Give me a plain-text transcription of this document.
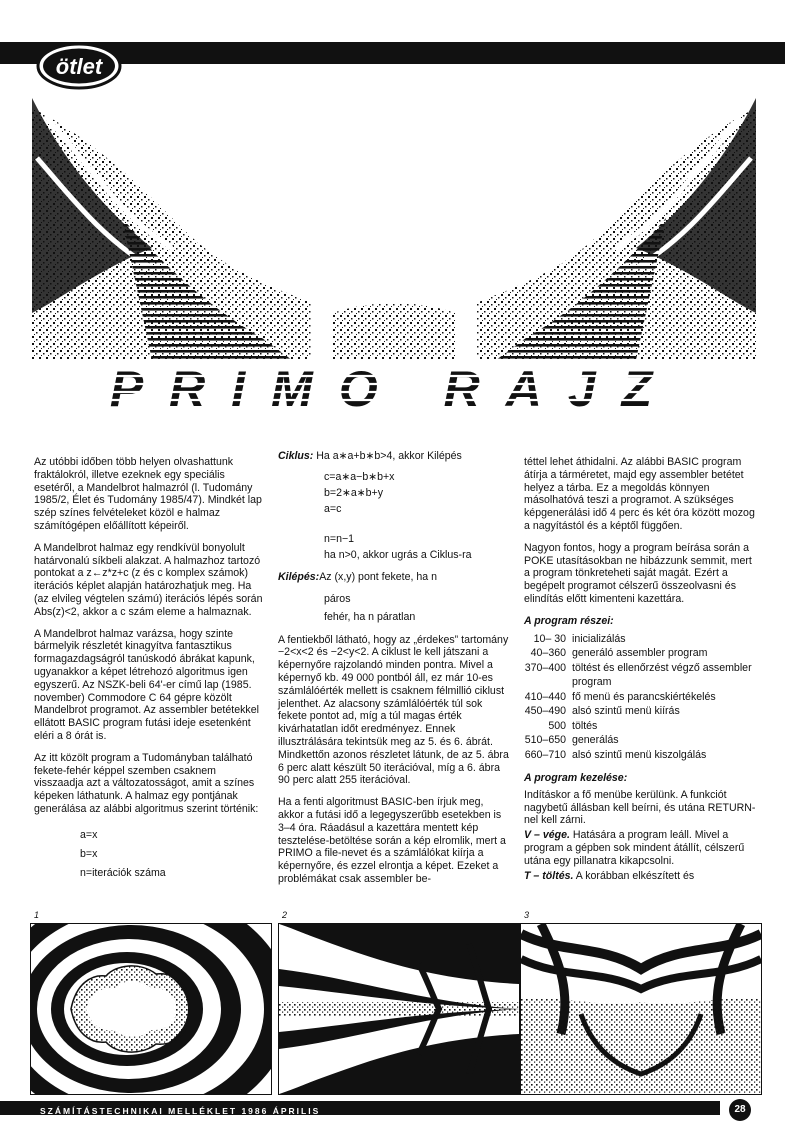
ötlet
PRIMO RAJZ

Az utóbbi időben több helyen olvashattunk fraktálokról, illetve ezeknek egy speciális esetéről, a Mandelbrot halmazról (l. Tudomány 1985/2, Élet és Tudomány 1985/47). Mindkét lap szép színes felvételeket közöl e halmaz számítógépen előállított képeiről.

A Mandelbrot halmaz egy rendkívül bonyolult határvonalú síkbeli alakzat. A halmazhoz tartozó pontokat a z←z*z+c (z és c komplex számok) iterációs képlet alapján határozhatjuk meg. Ha (az elvileg végtelen számú) iterációs lépés során Abs(z)<2, akkor a c szám eleme a halmaznak.

A Mandelbrot halmaz varázsa, hogy szinte bármelyik részletét kinagyítva fantasztikus formagazdagságról tanúskodó ábrákat kapunk, ugyanakkor a képet létrehozó algoritmus igen egyszerű. Az NSZK-beli 64'-er című lap (1985. november) Commodore C 64 gépre közölt Mandelbrot programot. Az assembler betétekkel ellátott BASIC program futási ideje esetenként eléri a 8 órát is.

Az itt közölt program a Tudományban található fekete-fehér képpel szemben csaknem visszaadja azt a változatosságot, amit a színes képeken láthatunk. A halmaz egy pontjának generálása az alábbi algoritmus szerint történik:

a=x
b=x
n=iterációk száma
Ciklus: Ha a∗a+b∗b>4, akkor Kilépés
c=a∗a−b∗b+x
b=2∗a∗b+y
a=c
n=n−1
ha n>0, akkor ugrás a Ciklus-ra
Kilépés:Az (x,y) pont fekete, ha n
páros
fehér, ha n páratlan

A fentiekből látható, hogy az „érdekes” tartomány −2<x<2 és −2<y<2. A ciklust le kell játszani a képernyőre rajzolandó minden pontra. Mivel a képernyő kb. 49 000 pontból áll, ez már 10-es számlálóérték mellett is csaknem félmillió ciklust jelenthet. Az alacsony számlálóérték túl sok fekete pontot ad, míg a túl magas érték kivárhatatlan időt eredményez. Ennek illusztrálására tekintsük meg az 5. és 6. ábrát. Mindkettőn azonos részletet látunk, de az 5. ábra 6 perc alatt készült 50 iterációval, míg a 6. ábra 90 perc alatt 255 iterációval.

Ha a fenti algoritmust BASIC-ben írjuk meg, akkor a futási idő a legegyszerűbb esetekben is 3–4 óra. Ráadásul a kazettára mentett kép tesztelése-betöltése során a kép elromlik, mert a PRIMO a file-nevet és a számlálókat kiírja a képernyőre, és ezzel elrontja a képet. Ezeket a problémákat csak assembler be-

téttel lehet áthidalni. Az alábbi BASIC program átírja a tárméretet, majd egy assembler betétet helyez a tárba. Ez a megoldás könnyen másolhatóvá teszi a programot. A szükséges képgenerálási idő 4 perc és két óra között mozog a nagyítástól és a képtől függően.

Nagyon fontos, hogy a program beírása során a POKE utasításokban ne hibázzunk semmit, mert a program tönkreteheti saját magát. Ezért a begépelt programot célszerű összeolvasni és elindítás előtt kimenteni kazettára.

A program részei:
10– 30 inicializálás
40–360 generáló assembler program
370–400 töltést és ellenőrzést végző assembler program
410–440 fő menü és parancskiértékelés
450–490 alsó szintű menü kiírás
500 töltés
510–650 generálás
660–710 alsó szintű menü kiszolgálás
A program kezelése:
Indításkor a fő menübe kerülünk. A funkciót nagybetű állásban kell beírni, és utána RETURN-nel kell zárni.
V – vége. Hatására a program leáll. Mivel a program a gépben sok mindent átállít, célszerű utána egy pillanatra kikapcsolni.
T – töltés. A korábban elkészített és
1	2	3
SZÁMÍTÁSTECHNIKAI MELLÉKLET 1986 ÁPRILIS	28
